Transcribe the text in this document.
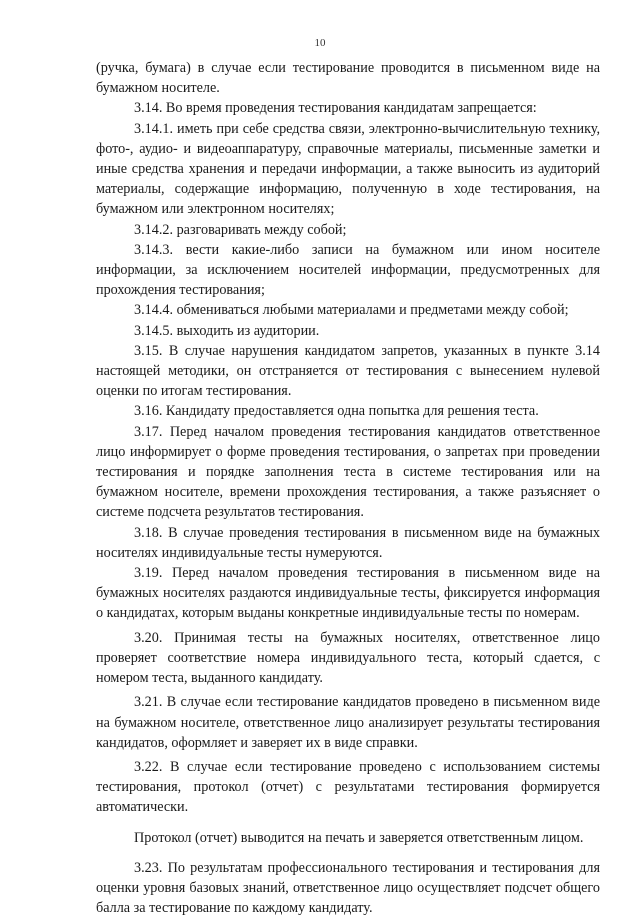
10

(ручка, бумага) в случае если тестирование проводится в письменном виде на бумажном носителе.

3.14. Во время проведения тестирования кандидатам запрещается:

3.14.1. иметь при себе средства связи, электронно-вычислительную технику, фото-, аудио- и видеоаппаратуру, справочные материалы, письменные заметки и иные средства хранения и передачи информации, а также выносить из аудиторий материалы, содержащие информацию, полученную в ходе тестирования, на бумажном или электронном носителях;

3.14.2. разговаривать между собой;

3.14.3. вести какие-либо записи на бумажном или ином носителе информации, за исключением носителей информации, предусмотренных для прохождения тестирования;

3.14.4. обмениваться любыми материалами и предметами между собой;

3.14.5. выходить из аудитории.

3.15. В случае нарушения кандидатом запретов, указанных в пункте 3.14 настоящей методики, он отстраняется от тестирования с вынесением нулевой оценки по итогам тестирования.

3.16. Кандидату предоставляется одна попытка для решения теста.

3.17. Перед началом проведения тестирования кандидатов ответственное лицо информирует о форме проведения тестирования, о запретах при проведении тестирования и порядке заполнения теста в системе тестирования или на бумажном носителе, времени прохождения тестирования, а также разъясняет о системе подсчета результатов тестирования.

3.18. В случае проведения тестирования в письменном виде на бумажных носителях индивидуальные тесты нумеруются.

3.19. Перед началом проведения тестирования в письменном виде на бумажных носителях раздаются индивидуальные тесты, фиксируется информация о кандидатах, которым выданы конкретные индивидуальные тесты по номерам.

3.20. Принимая тесты на бумажных носителях, ответственное лицо проверяет соответствие номера индивидуального теста, который сдается, с номером теста, выданного кандидату.

3.21. В случае если тестирование кандидатов проведено в письменном виде на бумажном носителе, ответственное лицо анализирует результаты тестирования кандидатов, оформляет и заверяет их в виде справки.

3.22. В случае если тестирование проведено с использованием системы тестирования, протокол (отчет) с результатами тестирования формируется автоматически.

Протокол (отчет) выводится на печать и заверяется ответственным лицом.

3.23. По результатам профессионального тестирования и тестирования для оценки уровня базовых знаний, ответственное лицо осуществляет подсчет общего балла за тестирование по каждому кандидату.
